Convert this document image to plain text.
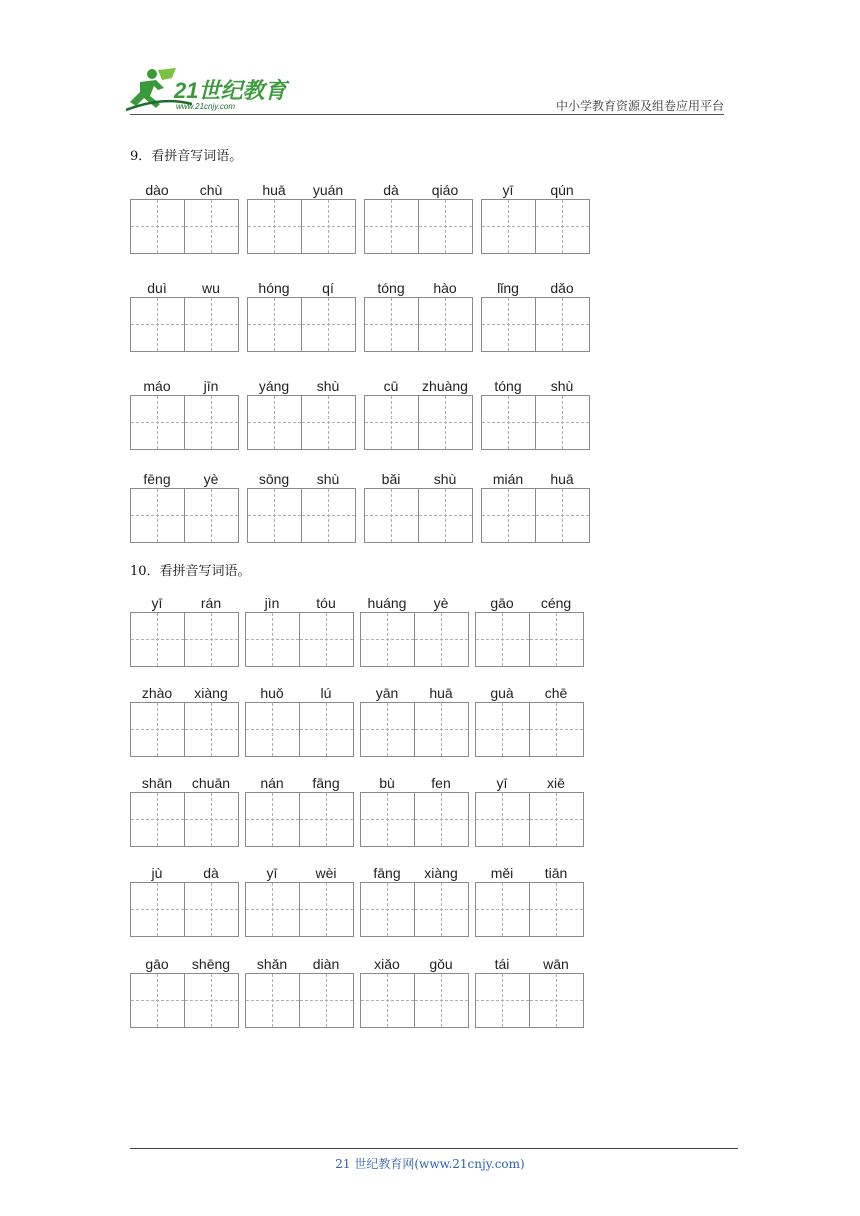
21世纪教育
www.21cnjy.com	中小学教育资源及组卷应用平台
9．看拼音写词语。
dào	chù	huā	yuán	dà	qiáo	yī	qún
duì	wu	hóng	qí	tóng	hào	lǐng	dǎo
máo	jīn	yáng	shù	cū	zhuàng	tóng	shù
fēng	yè	sōng	shù	bǎi	shù	mián	huā
10．看拼音写词语。
yī	rán	jìn	tóu	huáng	yè	gāo	céng
zhào	xiàng	huǒ	lú	yān	huā	guà	chē
shān	chuān	nán	fāng	bù	fen	yī	xiē
jù	dà	yī	wèi	fāng	xiàng	měi	tiān
gāo	shēng	shǎn	diàn	xiǎo	gǒu	tái	wān
21 世纪教育网(www.21cnjy.com)
